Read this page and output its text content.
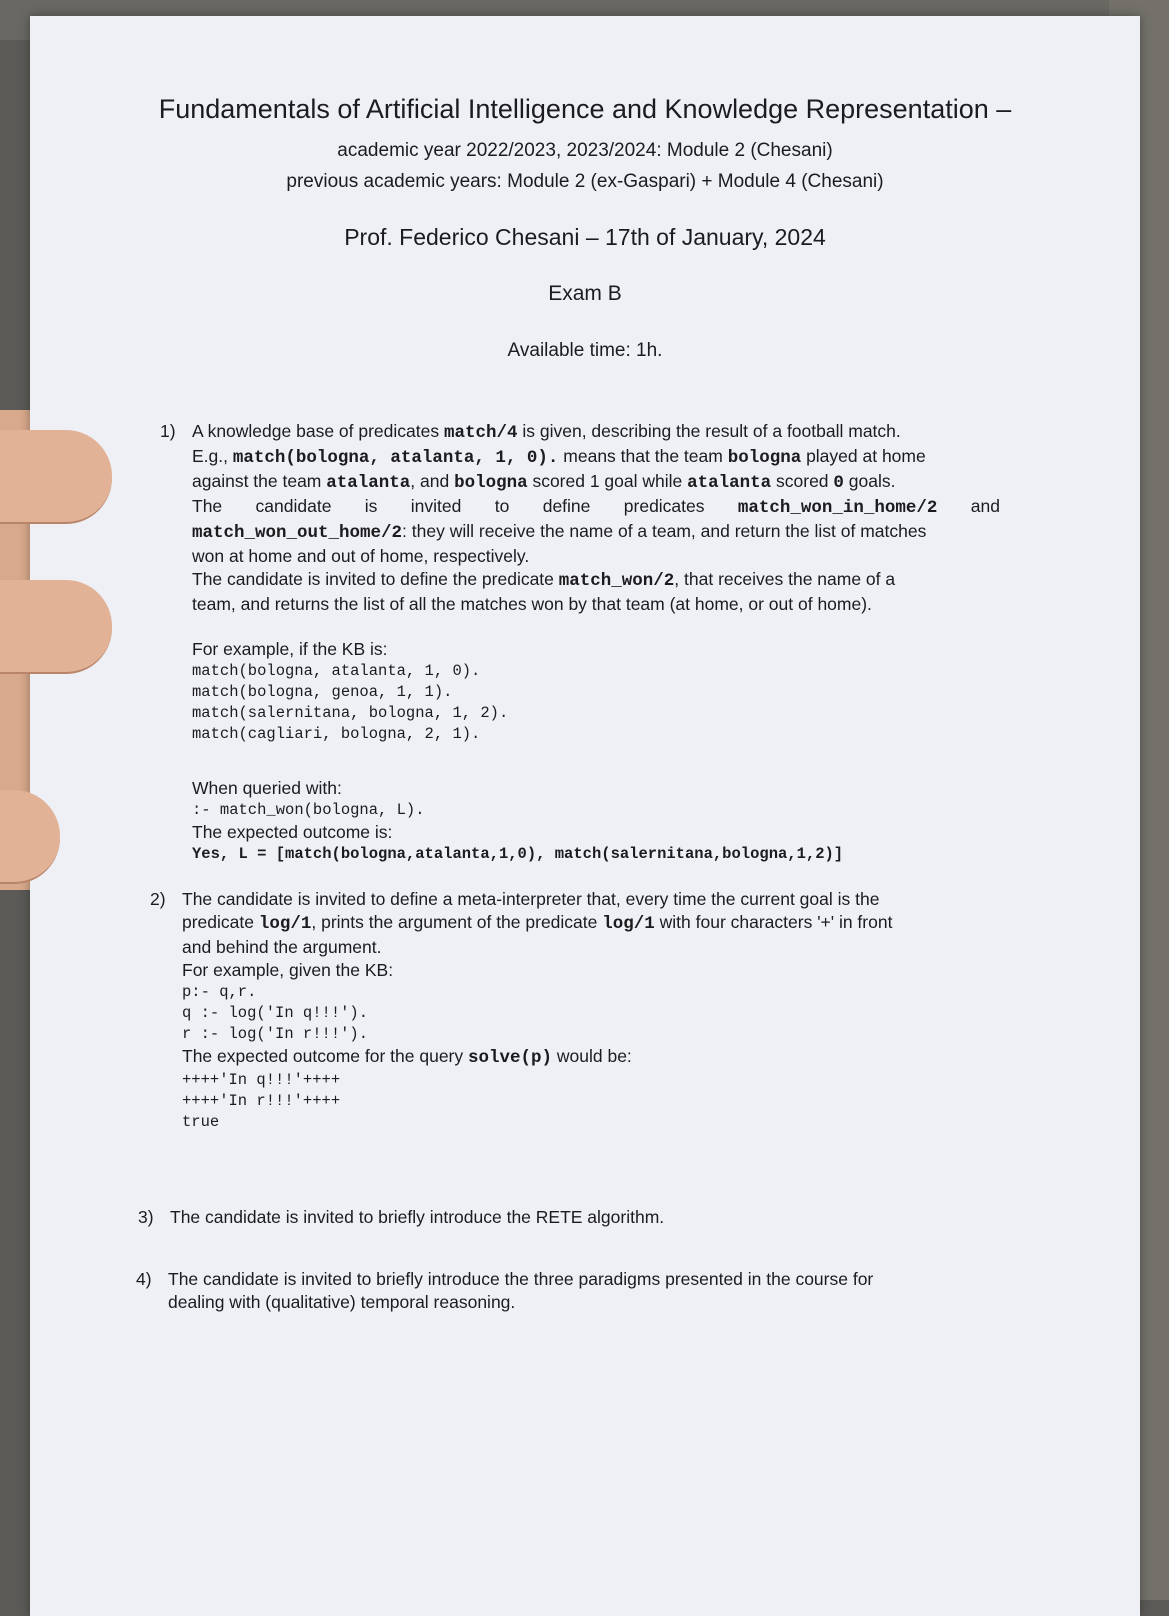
Fundamentals of Artificial Intelligence and Knowledge Representation –
academic year 2022/2023, 2023/2024: Module 2 (Chesani)
previous academic years: Module 2 (ex-Gaspari) + Module 4 (Chesani)
Prof. Federico Chesani – 17th of January, 2024
Exam B
Available time: 1h.
1) A knowledge base of predicates match/4 is given, describing the result of a football match.

E.g., match(bologna, atalanta, 1, 0). means that the team bologna played at home

against the team atalanta, and bologna scored 1 goal while atalanta scored 0 goals.

The candidate is invited to define predicates match_won_in_home/2 and

match_won_out_home/2: they will receive the name of a team, and return the list of matches

won at home and out of home, respectively.

The candidate is invited to define the predicate match_won/2, that receives the name of a

team, and returns the list of all the matches won by that team (at home, or out of home).

For example, if the KB is:

match(bologna, atalanta, 1, 0).
match(bologna, genoa, 1, 1).
match(salernitana, bologna, 1, 2).
match(cagliari, bologna, 2, 1).

When queried with:

:- match_won(bologna, L).

The expected outcome is:

Yes, L = [match(bologna,atalanta,1,0), match(salernitana,bologna,1,2)]
2) The candidate is invited to define a meta-interpreter that, every time the current goal is the

predicate log/1, prints the argument of the predicate log/1 with four characters '+' in front

and behind the argument.

For example, given the KB:

p:- q,r.
q :- log('In q!!!').
r :- log('In r!!!').

The expected outcome for the query solve(p) would be:

++++'In q!!!'++++
++++'In r!!!'++++
true
3) The candidate is invited to briefly introduce the RETE algorithm.

4) The candidate is invited to briefly introduce the three paradigms presented in the course for

dealing with (qualitative) temporal reasoning.
